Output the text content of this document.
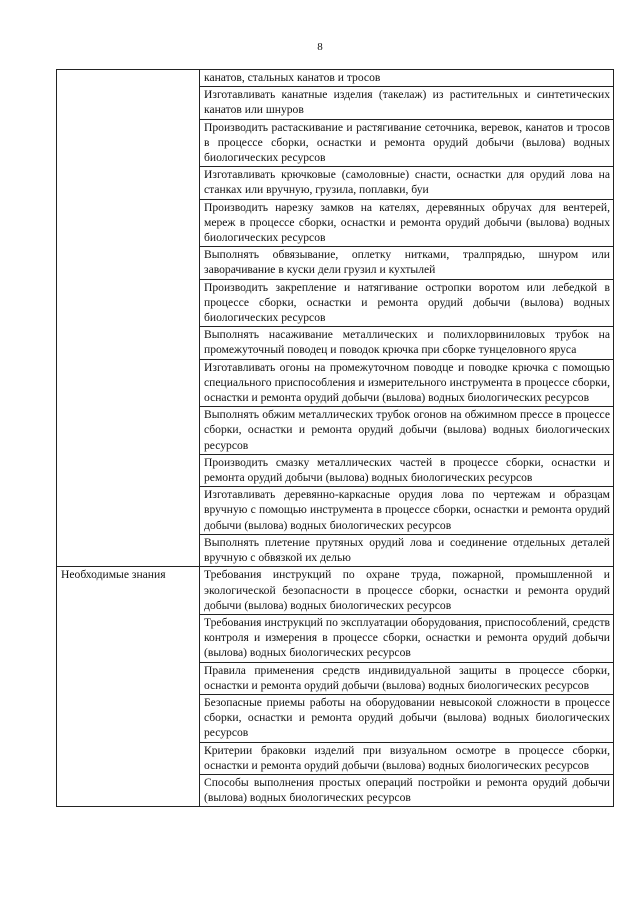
8
	канатов, стальных канатов и тросов
	Изготавливать канатные изделия (такелаж) из растительных и синтетических канатов или шнуров
	Производить растаскивание и растягивание сеточника, веревок, канатов и тросов в процессе сборки, оснастки и ремонта орудий добычи (вылова) водных биологических ресурсов
	Изготавливать крючковые (самоловные) снасти, оснастки для орудий лова на станках или вручную, грузила, поплавки, буи
	Производить нарезку замков на кателях, деревянных обручах для вентерей, мереж в процессе сборки, оснастки и ремонта орудий добычи (вылова) водных биологических ресурсов
	Выполнять обвязывание, оплетку нитками, тралпрядью, шнуром или заворачивание в куски дели грузил и кухтылей
	Производить закрепление и натягивание остропки воротом или лебедкой в процессе сборки, оснастки и ремонта орудий добычи (вылова) водных биологических ресурсов
	Выполнять насаживание металлических и полихлорвиниловых трубок на промежуточный поводец и поводок крючка при сборке тунцеловного яруса
	Изготавливать огоны на промежуточном поводце и поводке крючка с помощью специального приспособления и измерительного инструмента в процессе сборки, оснастки и ремонта орудий добычи (вылова) водных биологических ресурсов
	Выполнять обжим металлических трубок огонов на обжимном прессе в процессе сборки, оснастки и ремонта орудий добычи (вылова) водных биологических ресурсов
	Производить смазку металлических частей в процессе сборки, оснастки и ремонта орудий добычи (вылова) водных биологических ресурсов
	Изготавливать деревянно-каркасные орудия лова по чертежам и образцам вручную с помощью инструмента в процессе сборки, оснастки и ремонта орудий добычи (вылова) водных биологических ресурсов
	Выполнять плетение прутяных орудий лова и соединение отдельных деталей вручную с обвязкой их делью
Необходимые знания	Требования инструкций по охране труда, пожарной, промышленной и экологической безопасности в процессе сборки, оснастки и ремонта орудий добычи (вылова) водных биологических ресурсов
	Требования инструкций по эксплуатации оборудования, приспособлений, средств контроля и измерения в процессе сборки, оснастки и ремонта орудий добычи (вылова) водных биологических ресурсов
	Правила применения средств индивидуальной защиты в процессе сборки, оснастки и ремонта орудий добычи (вылова) водных биологических ресурсов
	Безопасные приемы работы на оборудовании невысокой сложности в процессе сборки, оснастки и ремонта орудий добычи (вылова) водных биологических ресурсов
	Критерии браковки изделий при визуальном осмотре в процессе сборки, оснастки и ремонта орудий добычи (вылова) водных биологических ресурсов
	Способы выполнения простых операций постройки и ремонта орудий добычи (вылова) водных биологических ресурсов
